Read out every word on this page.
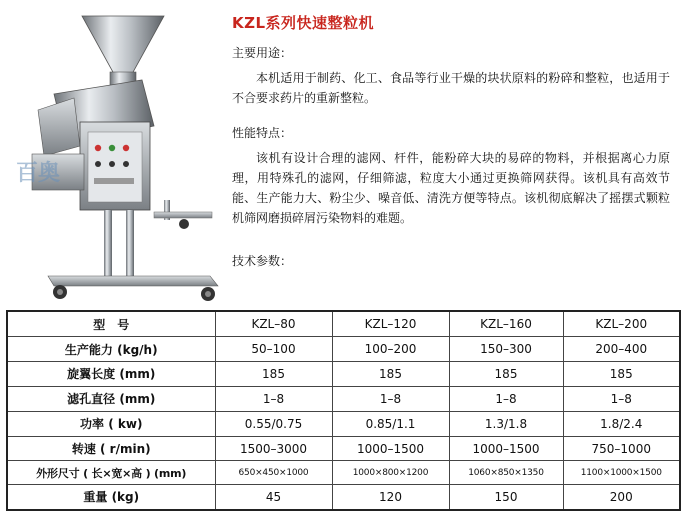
百奥
KZL系列快速整粒机
主要用途：
本机适用于制药、化工、食品等行业干燥的块状原料的粉碎和整粒，也适用于不合要求药片的重新整粒。
性能特点：
该机有设计合理的滤网、杆件，能粉碎大块的易碎的物料，并根据离心力原理，用特殊孔的滤网，仔细筛滤，粒度大小通过更换筛网获得。该机具有高效节能、生产能力大、粉尘少、噪音低、清洗方便等特点。该机彻底解决了摇摆式颗粒机筛网磨损碎屑污染物料的难题。
技术参数：
型　号	KZL–80	KZL–120	KZL–160	KZL–200
生产能力 (kg/h)	50–100	100–200	150–300	200–400
旋翼长度 (mm)	185	185	185	185
滤孔直径 (mm)	1–8	1–8	1–8	1–8
功率 ( kw)	0.55/0.75	0.85/1.1	1.3/1.8	1.8/2.4
转速 ( r/min)	1500–3000	1000–1500	1000–1500	750–1000
外形尺寸 ( 长×宽×高 ) (mm)	650×450×1000	1000×800×1200	1060×850×1350	1100×1000×1500
重量 (kg)	45	120	150	200
